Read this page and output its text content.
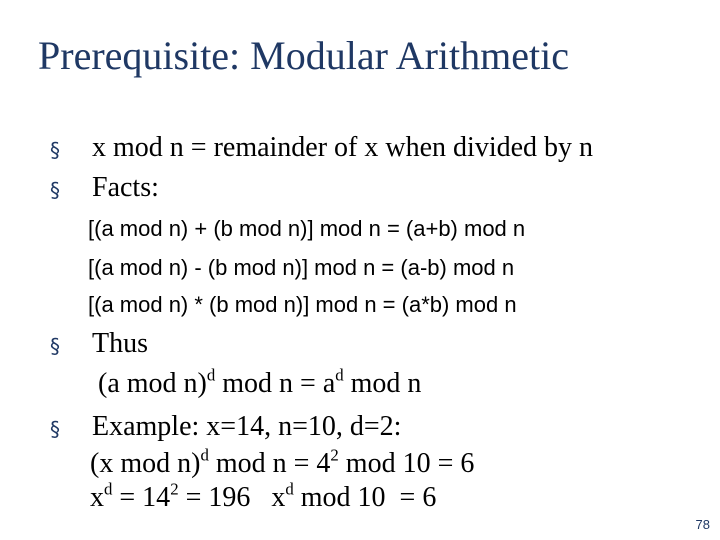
Prerequisite: Modular Arithmetic
§ x mod n = remainder of x when divided by n
§ Facts:
[(a mod n) + (b mod n)] mod n = (a+b) mod n
[(a mod n) - (b mod n)] mod n = (a-b) mod n
[(a mod n) * (b mod n)] mod n = (a*b) mod n
§ Thus
(a mod n)$^d$ mod $n = a^d$ mod n
§ Example: x=14, n=10, d=2:
(x mod n)$^d$ mod $n = 4^2$ mod 10 = 6
$x^d = 14^2 = 196$   $x^d$ mod 10  = 6
78
